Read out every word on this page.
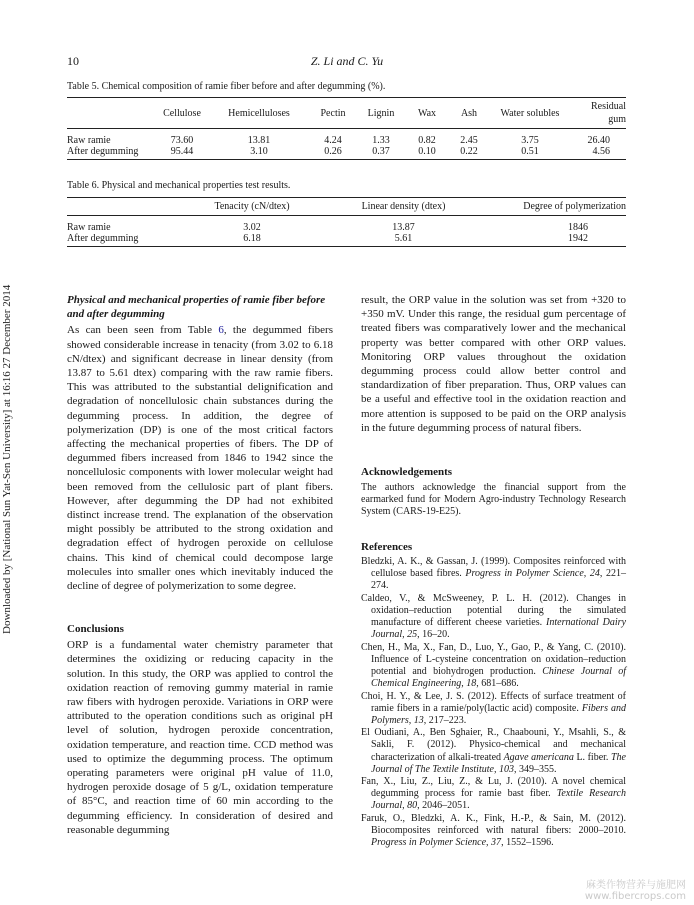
10	Z. Li and C. Yu
Downloaded by [National Sun Yat-Sen University] at 16:16 27 December 2014
Table 5. Chemical composition of ramie fiber before and after degumming (%).
	Cellulose	Hemicelluloses	Pectin	Lignin	Wax	Ash	Water solubles	Residual gum
Raw ramie	73.60	13.81	4.24	1.33	0.82	2.45	3.75	26.40
After degumming	95.44	3.10	0.26	0.37	0.10	0.22	0.51	4.56
Table 6. Physical and mechanical properties test results.
	Tenacity (cN/dtex)	Linear density (dtex)	Degree of polymerization
Raw ramie	3.02	13.87	1846
After degumming	6.18	5.61	1942

Physical and mechanical properties of ramie fiber before and after degumming

As can been seen from Table 6, the degummed fibers showed considerable increase in tenacity (from 3.02 to 6.18 cN/dtex) and significant decrease in linear density (from 13.87 to 5.61 dtex) comparing with the raw ramie fibers. This was attributed to the substantial delignification and degradation of noncellulosic chain substances during the degumming process. In addition, the degree of polymerization (DP) is one of the most critical factors affecting the mechanical properties of fibers. The DP of degummed fibers increased from 1846 to 1942 since the noncellulosic components with lower molecular weight had been removed from the cellulosic part of plant fibers. However, after degumming the DP had not exhibited distinct increase trend. The explanation of the observation might possibly be attributed to the strong oxidation and degradation effect of hydrogen peroxide on cellulose chains. This kind of chemical could decompose large molecules into smaller ones which inevitably induced the decline of degree of polymerization to some degree.

Conclusions

ORP is a fundamental water chemistry parameter that determines the oxidizing or reducing capacity in the solution. In this study, the ORP was applied to control the oxidation reaction of removing gummy material in ramie raw fibers with hydrogen peroxide. Variations in ORP were attributed to the operation conditions such as original pH level of solution, hydrogen peroxide concentration, oxidation temperature, and reaction time. CCD method was used to optimize the degumming process. The optimum operating parameters were original pH value of 11.0, hydrogen peroxide dosage of 5 g/L, oxidation temperature of 85°C, and reaction time of 60 min according to the degumming efficiency. In consideration of desired and reasonable degumming

result, the ORP value in the solution was set from +320 to +350 mV. Under this range, the residual gum percentage of treated fibers was comparatively lower and the mechanical property was better compared with other ORP values. Monitoring ORP values throughout the oxidation degumming process could allow better control and standardization of fiber preparation. Thus, ORP values can be a useful and effective tool in the oxidation reaction and more attention is supposed to be paid on the ORP analysis in the future degumming process of natural fibers.

Acknowledgements

The authors acknowledge the financial support from the earmarked fund for Modern Agro-industry Technology Research System (CARS-19-E25).

References

Bledzki, A. K., & Gassan, J. (1999). Composites reinforced with cellulose based fibres. Progress in Polymer Science, 24, 221–274.

Caldeo, V., & McSweeney, P. L. H. (2012). Changes in oxidation–reduction potential during the simulated manufacture of different cheese varieties. International Dairy Journal, 25, 16–20.

Chen, H., Ma, X., Fan, D., Luo, Y., Gao, P., & Yang, C. (2010). Influence of L-cysteine concentration on oxidation–reduction potential and biohydrogen production. Chinese Journal of Chemical Engineering, 18, 681–686.

Choi, H. Y., & Lee, J. S. (2012). Effects of surface treatment of ramie fibers in a ramie/poly(lactic acid) composite. Fibers and Polymers, 13, 217–223.

El Oudiani, A., Ben Sghaier, R., Chaabouni, Y., Msahli, S., & Sakli, F. (2012). Physico-chemical and mechanical characterization of alkali-treated Agave americana L. fiber. The Journal of The Textile Institute, 103, 349–355.

Fan, X., Liu, Z., Liu, Z., & Lu, J. (2010). A novel chemical degumming process for ramie bast fiber. Textile Research Journal, 80, 2046–2051.

Faruk, O., Bledzki, A. K., Fink, H.-P., & Sain, M. (2012). Biocomposites reinforced with natural fibers: 2000–2010. Progress in Polymer Science, 37, 1552–1596.

麻类作物营养与施肥网
www.fibercrops.com
